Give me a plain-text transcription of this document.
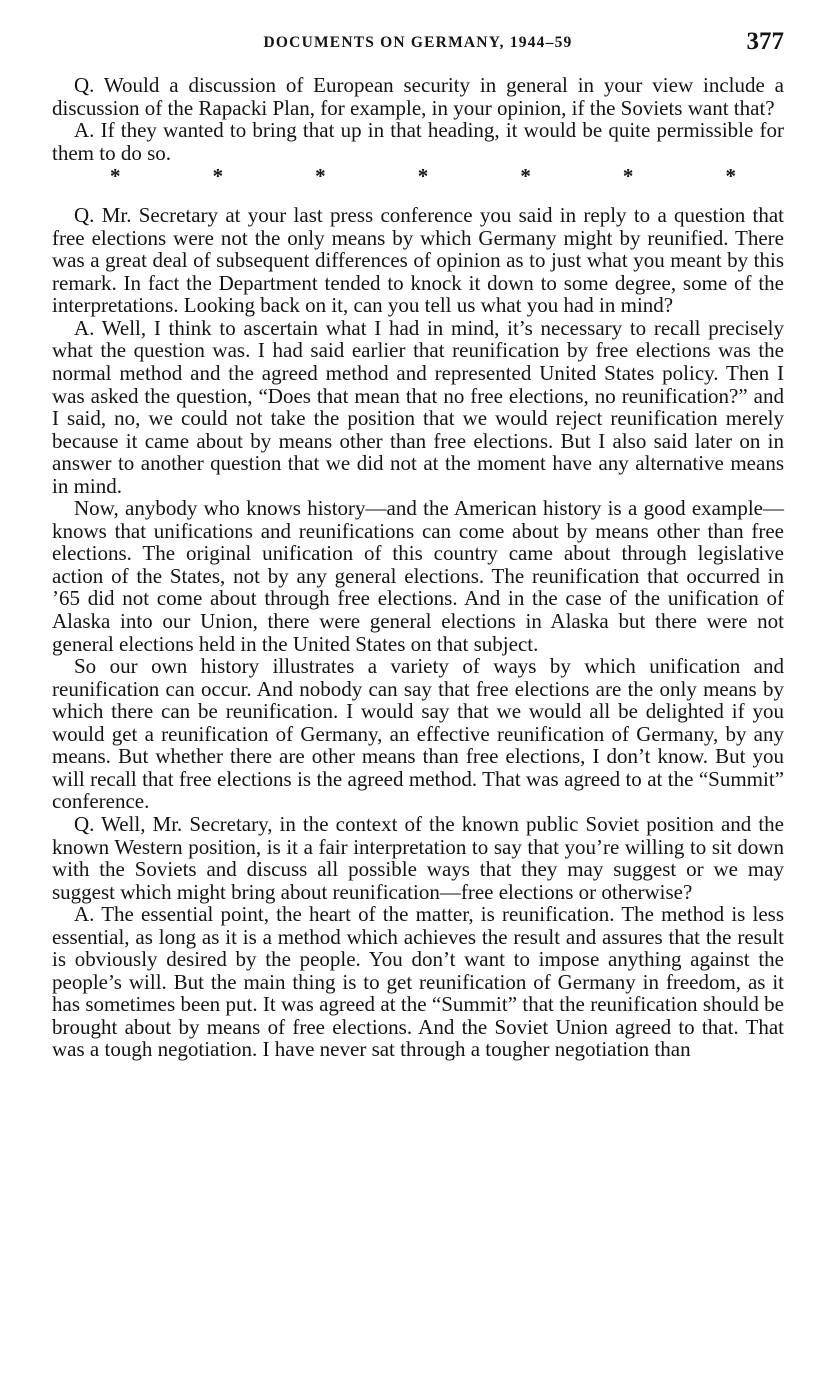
DOCUMENTS ON GERMANY, 1944–59	377

Q. Would a discussion of European security in general in your view include a discussion of the Rapacki Plan, for example, in your opinion, if the Soviets want that?

A. If they wanted to bring that up in that heading, it would be quite permissible for them to do so.

*	*	*	*	*	*	*

Q. Mr. Secretary at your last press conference you said in reply to a question that free elections were not the only means by which Germany might by reunified. There was a great deal of subsequent differences of opinion as to just what you meant by this remark. In fact the Department tended to knock it down to some degree, some of the interpretations. Looking back on it, can you tell us what you had in mind?

A. Well, I think to ascertain what I had in mind, it’s necessary to recall precisely what the question was. I had said earlier that reunification by free elections was the normal method and the agreed method and represented United States policy. Then I was asked the question, “Does that mean that no free elections, no reunification?” and I said, no, we could not take the position that we would reject reunification merely because it came about by means other than free elections. But I also said later on in answer to another question that we did not at the moment have any alternative means in mind.

Now, anybody who knows history—and the American history is a good example—knows that unifications and reunifications can come about by means other than free elections. The original unification of this country came about through legislative action of the States, not by any general elections. The reunification that occurred in ’65 did not come about through free elections. And in the case of the unification of Alaska into our Union, there were general elections in Alaska but there were not general elections held in the United States on that subject.

So our own history illustrates a variety of ways by which unification and reunification can occur. And nobody can say that free elections are the only means by which there can be reunification. I would say that we would all be delighted if you would get a reunification of Germany, an effective reunification of Germany, by any means. But whether there are other means than free elections, I don’t know. But you will recall that free elections is the agreed method. That was agreed to at the “Summit” conference.

Q. Well, Mr. Secretary, in the context of the known public Soviet position and the known Western position, is it a fair interpretation to say that you’re willing to sit down with the Soviets and discuss all possible ways that they may suggest or we may suggest which might bring about reunification—free elections or otherwise?

A. The essential point, the heart of the matter, is reunification. The method is less essential, as long as it is a method which achieves the result and assures that the result is obviously desired by the people. You don’t want to impose anything against the people’s will. But the main thing is to get reunification of Germany in freedom, as it has sometimes been put. It was agreed at the “Summit” that the reunification should be brought about by means of free elections. And the Soviet Union agreed to that. That was a tough negotiation. I have never sat through a tougher negotiation than
